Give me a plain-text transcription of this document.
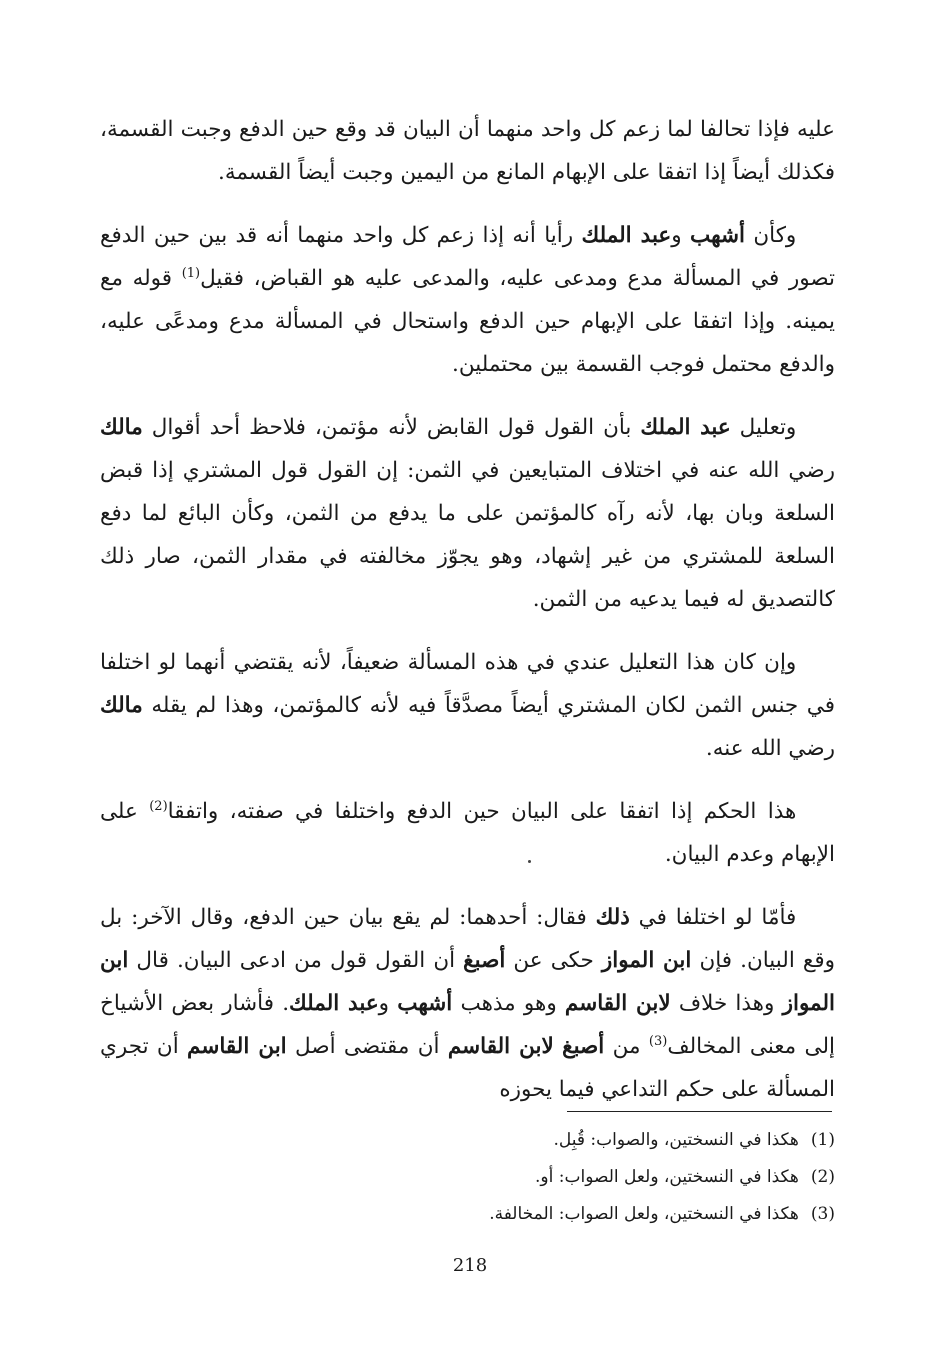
عليه فإذا تحالفا لما زعم كل واحد منهما أن البيان قد وقع حين الدفع وجبت القسمة، فكذلك أيضاً إذا اتفقا على الإبهام المانع من اليمين وجبت أيضاً القسمة.

وكأن أشهب وعبد الملك رأيا أنه إذا زعم كل واحد منهما أنه قد بين حين الدفع تصور في المسألة مدع ومدعى عليه، والمدعى عليه هو القباض، فقيل$^{(1)}$ قوله مع يمينه. وإذا اتفقا على الإبهام حين الدفع واستحال في المسألة مدع ومدعًى عليه، والدفع محتمل فوجب القسمة بين محتملين.

وتعليل عبد الملك بأن القول قول القابض لأنه مؤتمن، فلاحظ أحد أقوال مالك رضي الله عنه في اختلاف المتبايعين في الثمن: إن القول قول المشتري إذا قبض السلعة وبان بها، لأنه رآه كالمؤتمن على ما يدفع من الثمن، وكأن البائع لما دفع السلعة للمشتري من غير إشهاد، وهو يجوّز مخالفته في مقدار الثمن، صار ذلك كالتصديق له فيما يدعيه من الثمن.

وإن كان هذا التعليل عندي في هذه المسألة ضعيفاً، لأنه يقتضي أنهما لو اختلفا في جنس الثمن لكان المشتري أيضاً مصدَّقاً فيه لأنه كالمؤتمن، وهذا لم يقله مالك رضي الله عنه.

هذا الحكم إذا اتفقا على البيان حين الدفع واختلفا في صفته، واتفقا$^{(2)}$ على الإبهام وعدم البيان.

فأمّا لو اختلفا في ذلك فقال: أحدهما: لم يقع بيان حين الدفع، وقال الآخر: بل وقع البيان. فإن ابن المواز حكى عن أصبغ أن القول قول من ادعى البيان. قال ابن المواز وهذا خلاف لابن القاسم وهو مذهب أشهب وعبد الملك. فأشار بعض الأشياخ إلى معنى المخالف$^{(3)}$ من أصبغ لابن القاسم أن مقتضى أصل ابن القاسم أن تجري المسألة على حكم التداعي فيما يحوزه

(1)هكذا في النسختين، والصواب: قُبِل.
(2)هكذا في النسختين، ولعل الصواب: أو.
(3)هكذا في النسختين، ولعل الصواب: المخالفة.
218
